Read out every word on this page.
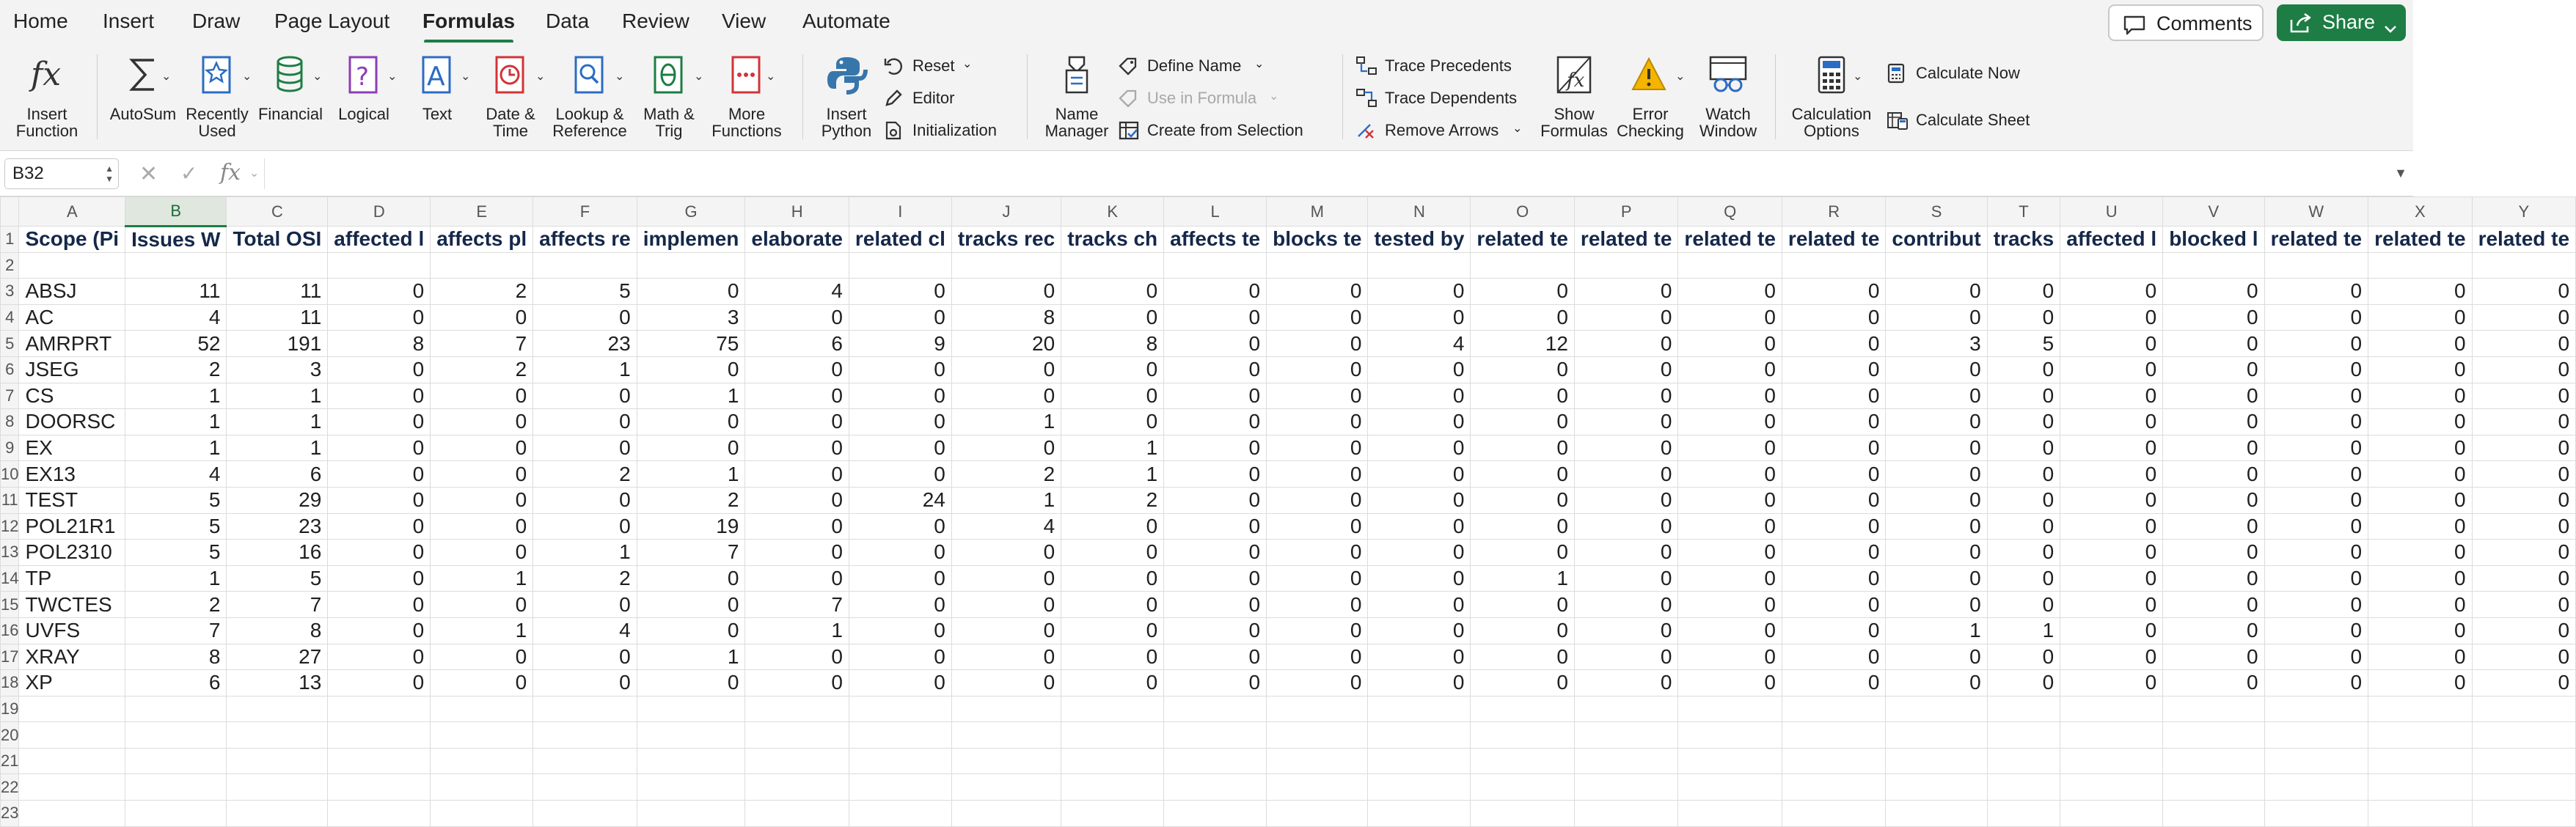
Home Insert Draw Page Layout Formulas Data Review View Automate	Comments	Share
fx
Insert
Function
AutoSum
⌄
Recently
Used
⌄
Financial
⌄ ?
Logical
⌄ A
Text
⌄
Date &
Time
⌄
Lookup &
Reference
⌄
Math &
Trig
⌄
More
Functions
⌄
Insert
Python
Reset ⌄
Editor
Initialization
Name
Manager
Define Name ⌄
Use in Formula ⌄
Create from Selection
Trace Precedents
Trace Dependents
Remove Arrows ⌄
fx
Show
Formulas
Error
Checking
⌄
Watch
Window
Calculation
Options
⌄	Calculate Now
Calculate Sheet
B32	▲
▼ ✕ ✓ fx ⌄	▼
	A	B	C	D	E	F	G	H	I	J	K	L	M	N	O	P	Q	R	S	T	U	V	W	X	Y
1	Scope (Pi	Issues W	Total OSI	affected l	affects pl	affects re	implemen	elaborate	related cl	tracks rec	tracks ch	affects te	blocks te	tested by	related te	related te	related te	related te	contribut	tracks	affected l	blocked l	related te	related te	related te
2																									
3	ABSJ	11	11	0	2	5	0	4	0	0	0	0	0	0	0	0	0	0	0	0	0	0	0	0	0
4	AC	4	11	0	0	0	3	0	0	8	0	0	0	0	0	0	0	0	0	0	0	0	0	0	0
5	AMRPRT	52	191	8	7	23	75	6	9	20	8	0	0	4	12	0	0	0	3	5	0	0	0	0	0
6	JSEG	2	3	0	2	1	0	0	0	0	0	0	0	0	0	0	0	0	0	0	0	0	0	0	0
7	CS	1	1	0	0	0	1	0	0	0	0	0	0	0	0	0	0	0	0	0	0	0	0	0	0
8	DOORSC	1	1	0	0	0	0	0	0	1	0	0	0	0	0	0	0	0	0	0	0	0	0	0	0
9	EX	1	1	0	0	0	0	0	0	0	1	0	0	0	0	0	0	0	0	0	0	0	0	0	0
10	EX13	4	6	0	0	2	1	0	0	2	1	0	0	0	0	0	0	0	0	0	0	0	0	0	0
11	TEST	5	29	0	0	0	2	0	24	1	2	0	0	0	0	0	0	0	0	0	0	0	0	0	0
12	POL21R1	5	23	0	0	0	19	0	0	4	0	0	0	0	0	0	0	0	0	0	0	0	0	0	0
13	POL2310	5	16	0	0	1	7	0	0	0	0	0	0	0	0	0	0	0	0	0	0	0	0	0	0
14	TP	1	5	0	1	2	0	0	0	0	0	0	0	0	1	0	0	0	0	0	0	0	0	0	0
15	TWCTES	2	7	0	0	0	0	7	0	0	0	0	0	0	0	0	0	0	0	0	0	0	0	0	0
16	UVFS	7	8	0	1	4	0	1	0	0	0	0	0	0	0	0	0	0	1	1	0	0	0	0	0
17	XRAY	8	27	0	0	0	1	0	0	0	0	0	0	0	0	0	0	0	0	0	0	0	0	0	0
18	XP	6	13	0	0	0	0	0	0	0	0	0	0	0	0	0	0	0	0	0	0	0	0	0	0
19																									
20																									
21																									
22																									
23																									
